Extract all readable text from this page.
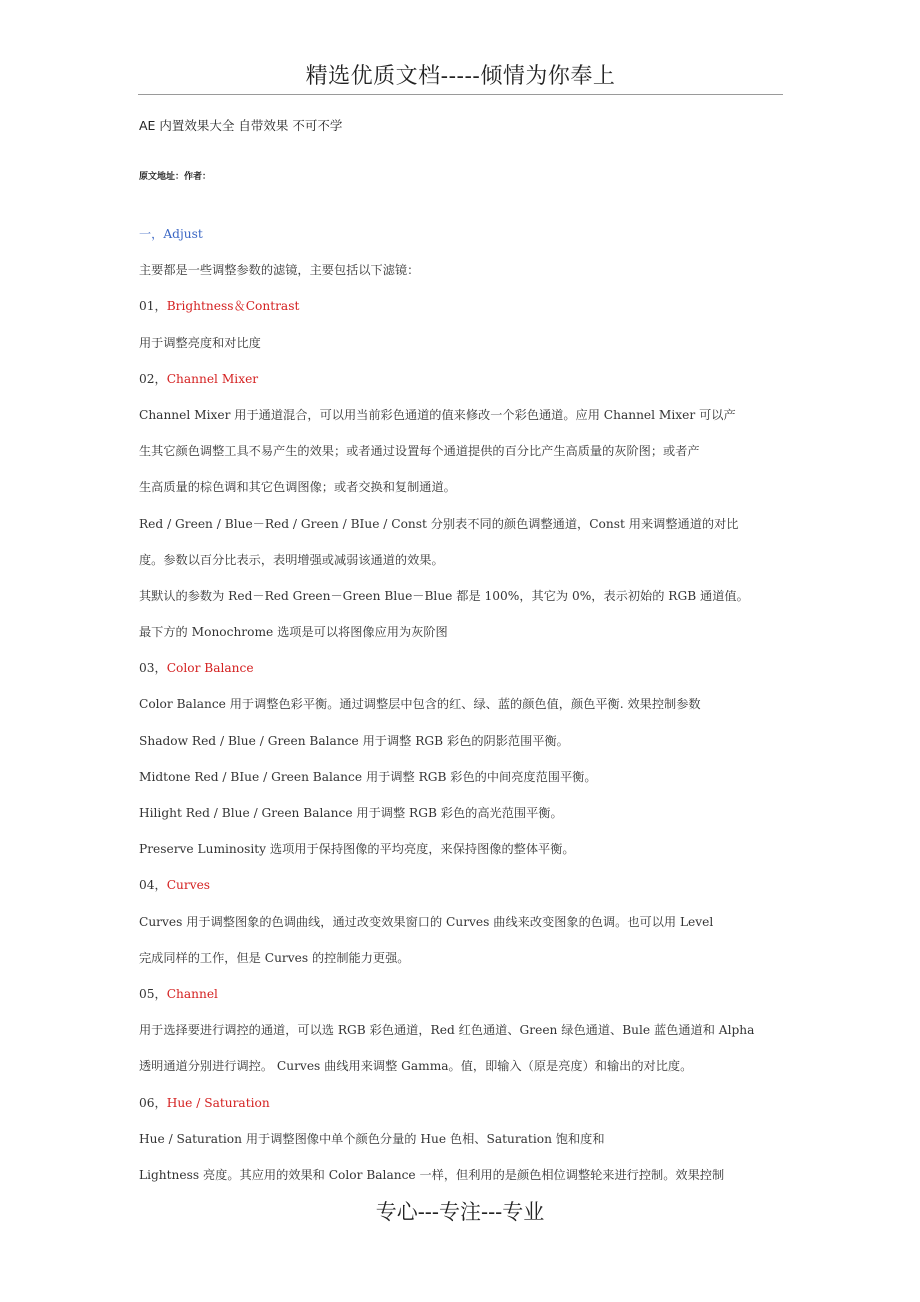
精选优质文档-----倾情为你奉上
AE 内置效果大全 自带效果 不可不学
原文地址：作者：
一，Adjust
主要都是一些调整参数的滤镜，主要包括以下滤镜：
01，Brightness＆Contrast
用于调整亮度和对比度
02，Channel Mixer
Channel Mixer 用于通道混合，可以用当前彩色通道的值来修改一个彩色通道。应用 Channel Mixer 可以产
生其它颜色调整工具不易产生的效果；或者通过设置每个通道提供的百分比产生高质量的灰阶图；或者产
生高质量的棕色调和其它色调图像；或者交换和复制通道。
Red / Green / Blue－Red / Green / BIue / Const 分别表不同的颜色调整通道，Const 用来调整通道的对比
度。参数以百分比表示，表明增强或减弱该通道的效果。
其默认的参数为 Red－Red Green－Green Blue－Blue 都是 100%，其它为 0%，表示初始的 RGB 通道值。
最下方的 Monochrome 选项是可以将图像应用为灰阶图
03，Color Balance
Color Balance 用于调整色彩平衡。通过调整层中包含的红、绿、蓝的颜色值，颜色平衡. 效果控制参数
Shadow Red / Blue / Green Balance 用于调整 RGB 彩色的阴影范围平衡。
Midtone Red / BIue / Green Balance 用于调整 RGB 彩色的中间亮度范围平衡。
Hilight Red / Blue / Green Balance 用于调整 RGB 彩色的高光范围平衡。
Preserve Luminosity 选项用于保持图像的平均亮度，来保持图像的整体平衡。
04，Curves
Curves 用于调整图象的色调曲线，通过改变效果窗口的 Curves 曲线来改变图象的色调。也可以用 Level
完成同样的工作，但是 Curves 的控制能力更强。
05，Channel
用于选择要进行调控的通道，可以选 RGB 彩色通道，Red 红色通道、Green 绿色通道、Bule 蓝色通道和 Alpha
透明通道分别进行调控。 Curves 曲线用来调整 Gamma。值，即输入（原是亮度）和输出的对比度。
06，Hue / Saturation
Hue / Saturation 用于调整图像中单个颜色分量的 Hue 色相、Saturation 饱和度和
Lightness 亮度。其应用的效果和 Color Balance 一样，但利用的是颜色相位调整轮来进行控制。效果控制
专心---专注---专业
